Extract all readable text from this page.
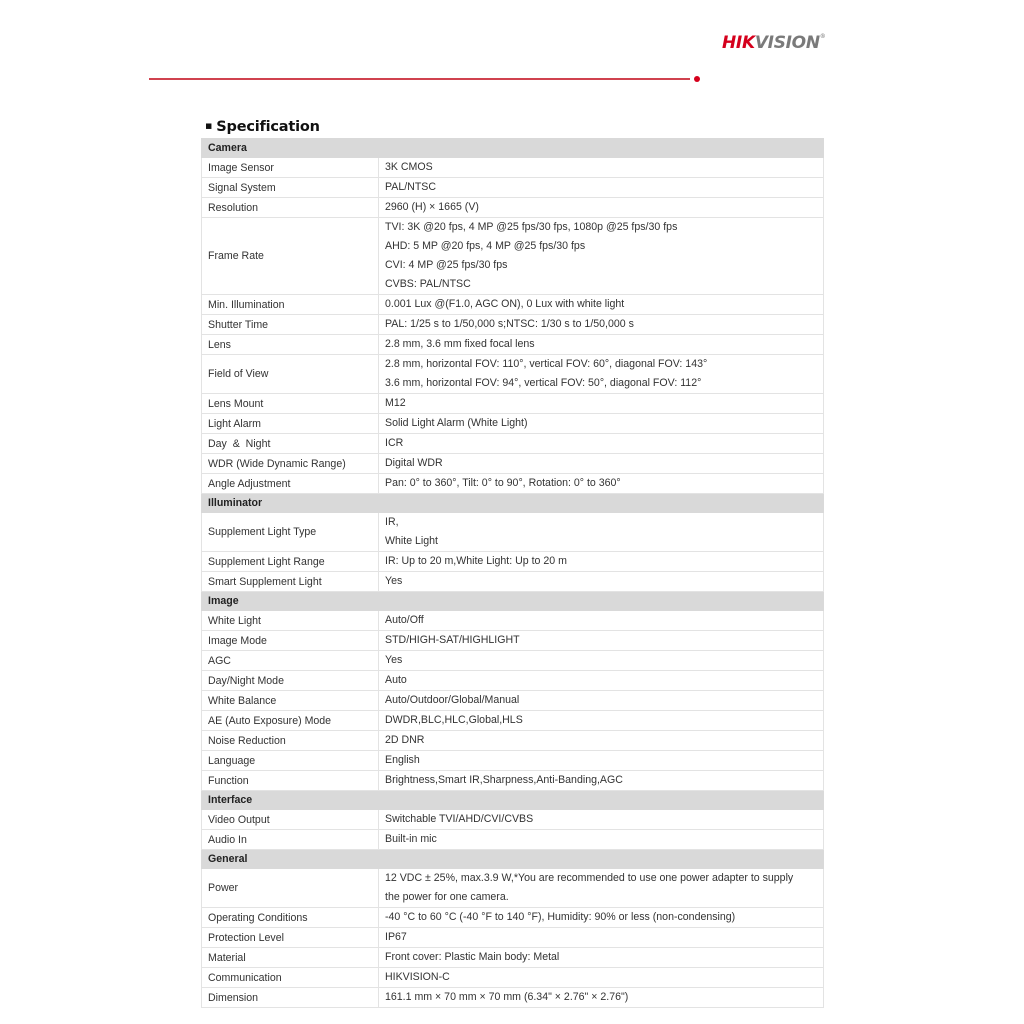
HIKVISION®
▪ Specification
Camera	
Image Sensor	3K CMOS

Signal System	PAL/NTSC

Resolution	2960 (H) × 1665 (V)

Frame Rate	TVI: 3K @20 fps, 4 MP @25 fps/30 fps, 1080p @25 fps/30 fps
AHD: 5 MP @20 fps, 4 MP @25 fps/30 fps
CVI: 4 MP @25 fps/30 fps
CVBS: PAL/NTSC

Min. Illumination	0.001 Lux @(F1.0, AGC ON), 0 Lux with white light

Shutter Time	PAL: 1/25 s to 1/50,000 s;NTSC: 1/30 s to 1/50,000 s

Lens	2.8 mm, 3.6 mm fixed focal lens

Field of View	2.8 mm, horizontal FOV: 110°, vertical FOV: 60°, diagonal FOV: 143°
3.6 mm, horizontal FOV: 94°, vertical FOV: 50°, diagonal FOV: 112°

Lens Mount	M12

Light Alarm	Solid Light Alarm (White Light)

Day  &  Night	ICR

WDR (Wide Dynamic Range)	Digital WDR

Angle Adjustment	Pan: 0° to 360°, Tilt: 0° to 90°, Rotation: 0° to 360°

Illuminator	
Supplement Light Type	IR,
White Light

Supplement Light Range	IR: Up to 20 m,White Light: Up to 20 m

Smart Supplement Light	Yes

Image	
White Light	Auto/Off

Image Mode	STD/HIGH-SAT/HIGHLIGHT

AGC	Yes

Day/Night Mode	Auto

White Balance	Auto/Outdoor/Global/Manual

AE (Auto Exposure) Mode	DWDR,BLC,HLC,Global,HLS

Noise Reduction	2D DNR

Language	English

Function	Brightness,Smart IR,Sharpness,Anti-Banding,AGC

Interface	
Video Output	Switchable TVI/AHD/CVI/CVBS

Audio In	Built-in mic

General	
Power	12 VDC ± 25%, max.3.9 W,*You are recommended to use one power adapter to supply
the power for one camera.

Operating Conditions	-40 °C to 60 °C (-40 °F to 140 °F), Humidity: 90% or less (non-condensing)

Protection Level	IP67

Material	Front cover: Plastic Main body: Metal

Communication	HIKVISION-C

Dimension	161.1 mm × 70 mm × 70 mm (6.34" × 2.76" × 2.76")
